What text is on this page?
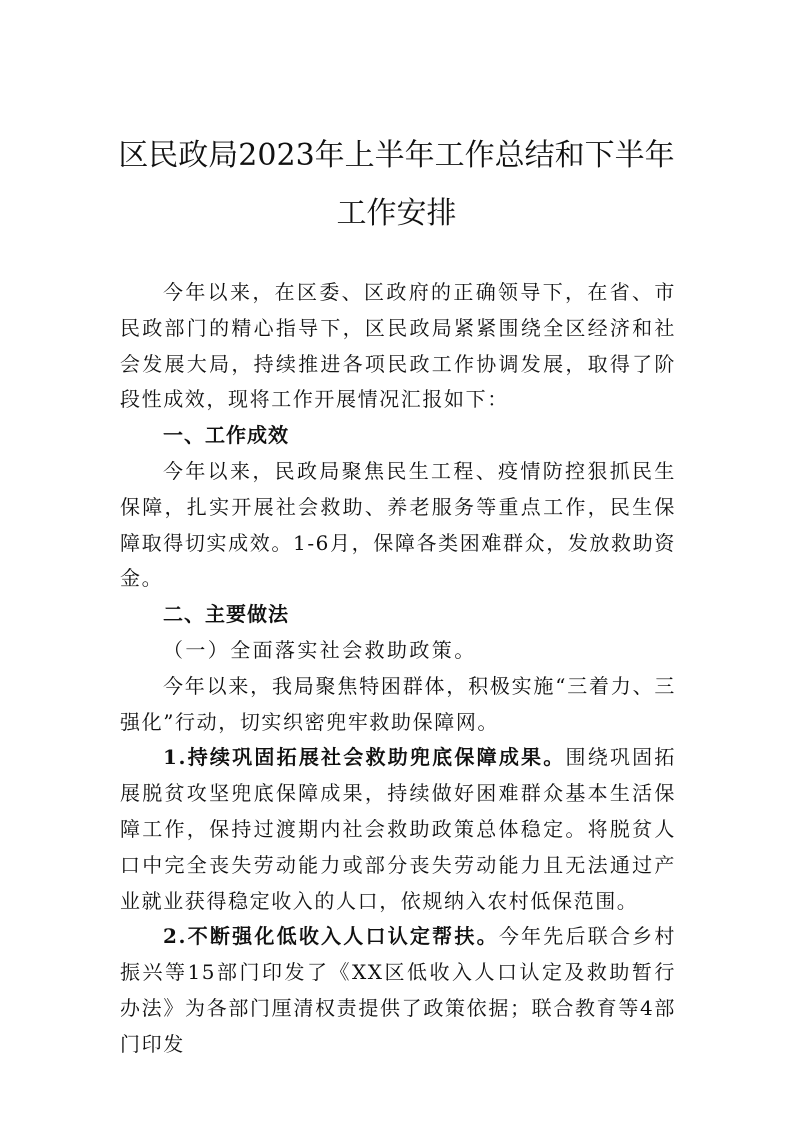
区民政局2023年上半年工作总结和下半年
工作安排

今年以来，在区委、区政府的正确领导下，在省、市民政部门的精心指导下，区民政局紧紧围绕全区经济和社会发展大局，持续推进各项民政工作协调发展，取得了阶段性成效，现将工作开展情况汇报如下：

一、工作成效

今年以来，民政局聚焦民生工程、疫情防控狠抓民生保障，扎实开展社会救助、养老服务等重点工作，民生保障取得切实成效。1-6月，保障各类困难群众，发放救助资金。

二、主要做法

（一）全面落实社会救助政策。

今年以来，我局聚焦特困群体，积极实施“三着力、三强化”行动，切实织密兜牢救助保障网。

1.持续巩固拓展社会救助兜底保障成果。围绕巩固拓展脱贫攻坚兜底保障成果，持续做好困难群众基本生活保障工作，保持过渡期内社会救助政策总体稳定。将脱贫人口中完全丧失劳动能力或部分丧失劳动能力且无法通过产业就业获得稳定收入的人口，依规纳入农村低保范围。

2.不断强化低收入人口认定帮扶。今年先后联合乡村振兴等15部门印发了《XX区低收入人口认定及救助暂行办法》为各部门厘清权责提供了政策依据；联合教育等4部门印发
